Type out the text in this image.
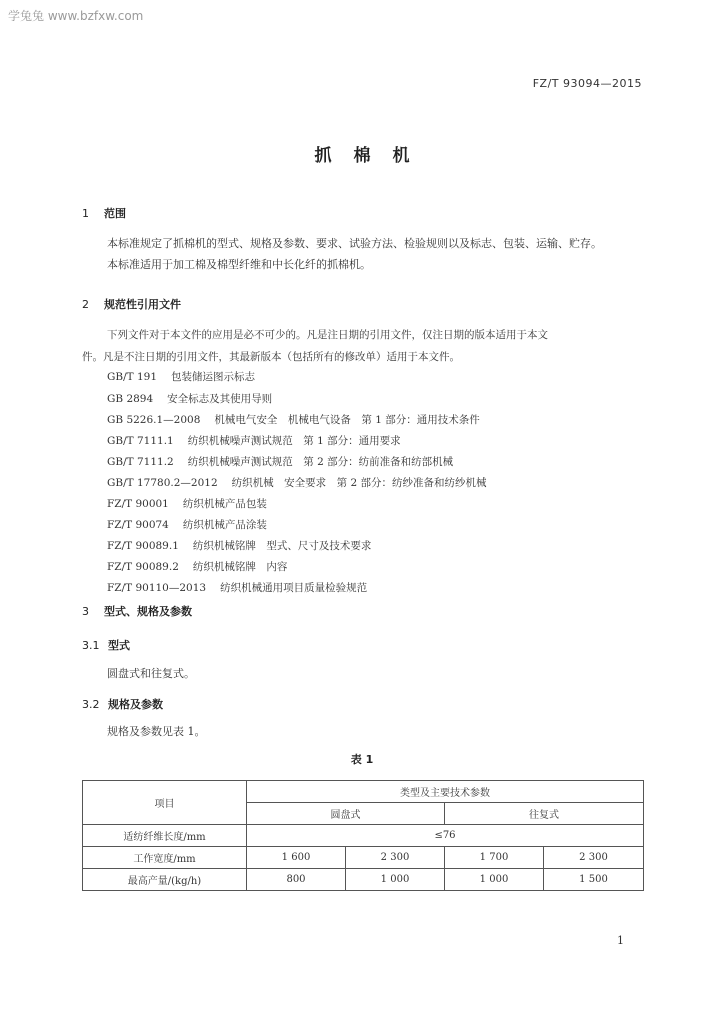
学兔兔 www.bzfxw.com
FZ/T 93094—2015
抓棉机
1 范围
本标准规定了抓棉机的型式、规格及参数、要求、试验方法、检验规则以及标志、包装、运输、贮存。
本标准适用于加工棉及棉型纤维和中长化纤的抓棉机。
2 规范性引用文件
下列文件对于本文件的应用是必不可少的。凡是注日期的引用文件，仅注日期的版本适用于本文
件。凡是不注日期的引用文件，其最新版本（包括所有的修改单）适用于本文件。
GB/T 191 包装储运图示标志
GB 2894 安全标志及其使用导则
GB 5226.1—2008 机械电气安全　机械电气设备　第 1 部分：通用技术条件
GB/T 7111.1 纺织机械噪声测试规范　第 1 部分：通用要求
GB/T 7111.2 纺织机械噪声测试规范　第 2 部分：纺前准备和纺部机械
GB/T 17780.2—2012 纺织机械　安全要求　第 2 部分：纺纱准备和纺纱机械
FZ/T 90001 纺织机械产品包装
FZ/T 90074 纺织机械产品涂装
FZ/T 90089.1 纺织机械铭牌　型式、尺寸及技术要求
FZ/T 90089.2 纺织机械铭牌　内容
FZ/T 90110—2013 纺织机械通用项目质量检验规范
3 型式、规格及参数
3.1 型式
圆盘式和往复式。
3.2 规格及参数
规格及参数见表 1。
表 1
项目	类型及主要技术参数			
	圆盘式		往复式	
适纺纤维长度/mm	≤76			
工作宽度/mm	1 600	2 300	1 700	2 300
最高产量/(kg/h)	800	1 000	1 000	1 500
1
